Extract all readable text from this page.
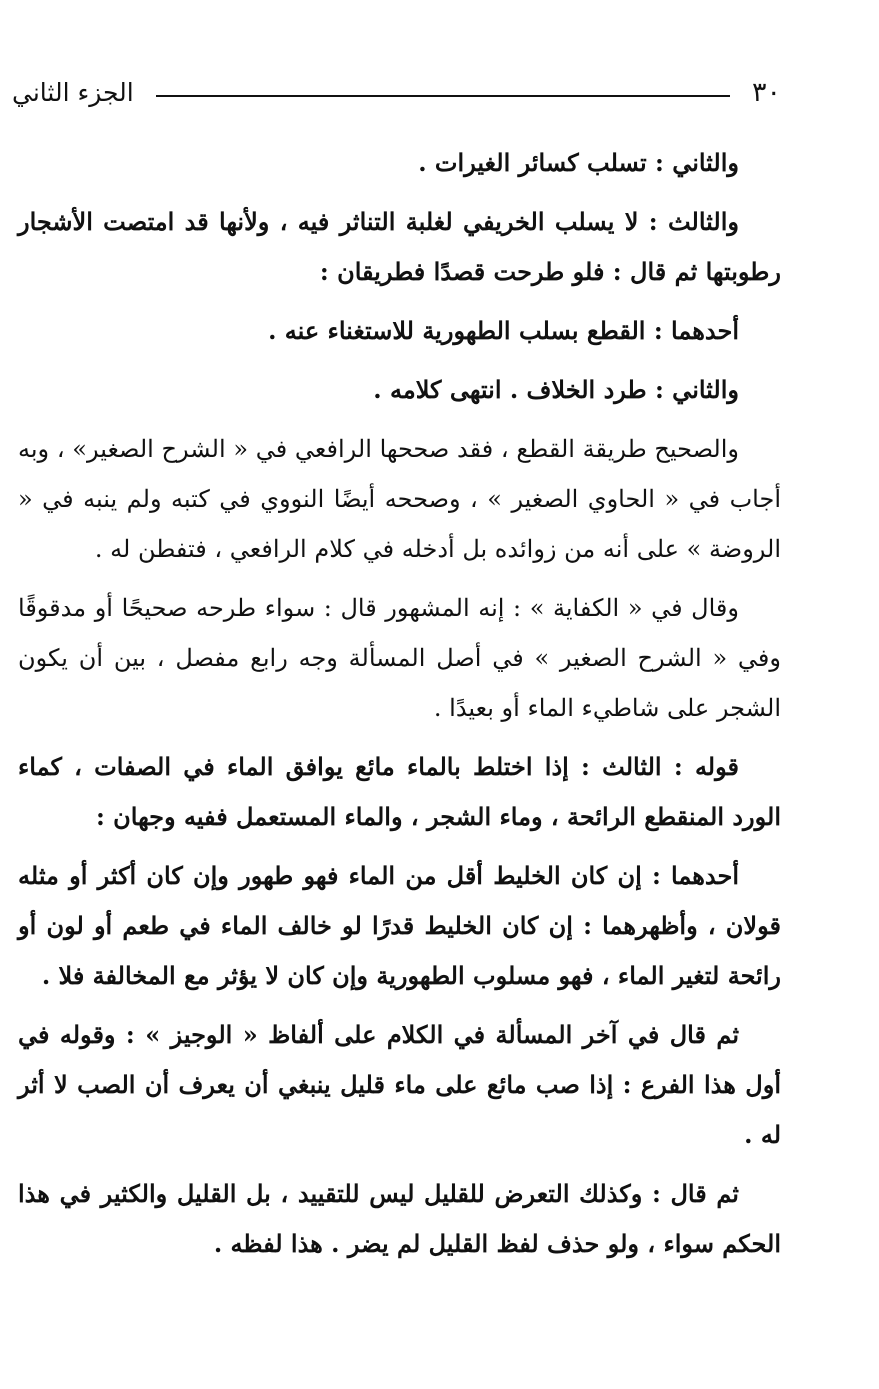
٣٠
الجزء الثاني

والثاني : تسلب كسائر الغيرات .

والثالث : لا يسلب الخريفي لغلبة التناثر فيه ، ولأنها قد امتصت الأشجار رطوبتها ثم قال : فلو طرحت قصدًا فطريقان :

أحدهما : القطع بسلب الطهورية للاستغناء عنه .

والثاني : طرد الخلاف . انتهى كلامه .

والصحيح طريقة القطع ، فقد صححها الرافعي في « الشرح الصغير» ، وبه أجاب في « الحاوي الصغير » ، وصححه أيضًا النووي في كتبه ولم ينبه في « الروضة » على أنه من زوائده بل أدخله في كلام الرافعي ، فتفطن له .

وقال في « الكفاية » : إنه المشهور قال : سواء طرحه صحيحًا أو مدقوقًا وفي « الشرح الصغير » في أصل المسألة وجه رابع مفصل ، بين أن يكون الشجر على شاطيء الماء أو بعيدًا .

قوله : الثالث : إذا اختلط بالماء مائع يوافق الماء في الصفات ، كماء الورد المنقطع الرائحة ، وماء الشجر ، والماء المستعمل ففيه وجهان :

أحدهما : إن كان الخليط أقل من الماء فهو طهور وإن كان أكثر أو مثله قولان ، وأظهرهما : إن كان الخليط قدرًا لو خالف الماء في طعم أو لون أو رائحة لتغير الماء ، فهو مسلوب الطهورية وإن كان لا يؤثر مع المخالفة فلا .

ثم قال في آخر المسألة في الكلام على ألفاظ « الوجيز » : وقوله في أول هذا الفرع : إذا صب مائع على ماء قليل ينبغي أن يعرف أن الصب لا أثر له .

ثم قال : وكذلك التعرض للقليل ليس للتقييد ، بل القليل والكثير في هذا الحكم سواء ، ولو حذف لفظ القليل لم يضر . هذا لفظه .
